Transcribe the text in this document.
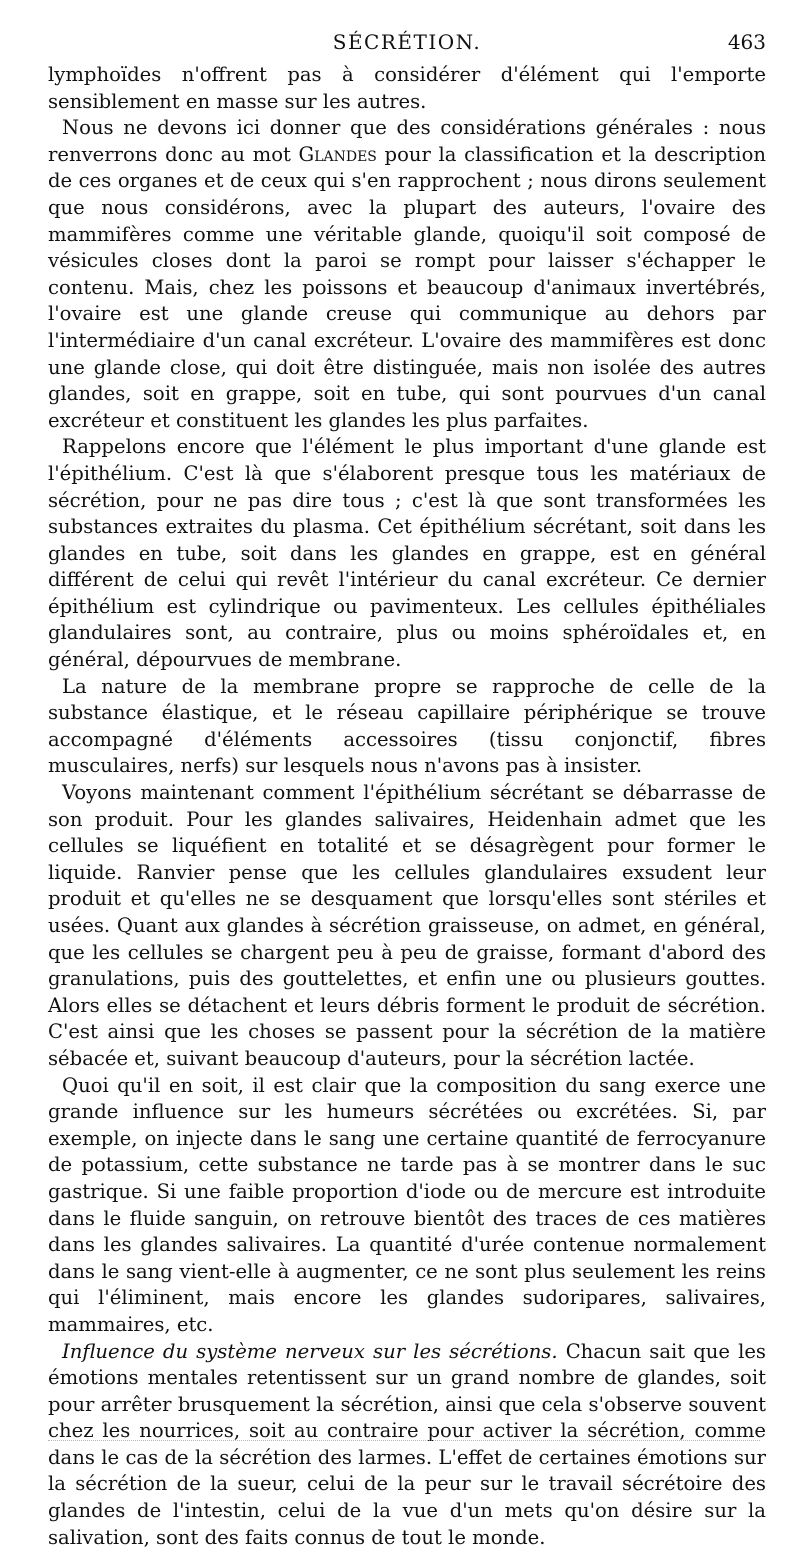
SÉCRÉTION.	463

lymphoïdes n'offrent pas à considérer d'élément qui l'emporte sensiblement en masse sur les autres.

Nous ne devons ici donner que des considérations générales : nous renverrons donc au mot Glandes pour la classification et la description de ces organes et de ceux qui s'en rapprochent ; nous dirons seulement que nous considérons, avec la plupart des auteurs, l'ovaire des mammifères comme une véritable glande, quoiqu'il soit composé de vésicules closes dont la paroi se rompt pour laisser s'échapper le contenu. Mais, chez les poissons et beaucoup d'animaux invertébrés, l'ovaire est une glande creuse qui communique au dehors par l'intermédiaire d'un canal excréteur. L'ovaire des mammifères est donc une glande close, qui doit être distinguée, mais non isolée des autres glandes, soit en grappe, soit en tube, qui sont pourvues d'un canal excréteur et constituent les glandes les plus parfaites.

Rappelons encore que l'élément le plus important d'une glande est l'épithélium. C'est là que s'élaborent presque tous les matériaux de sécrétion, pour ne pas dire tous ; c'est là que sont transformées les substances extraites du plasma. Cet épithélium sécrétant, soit dans les glandes en tube, soit dans les glandes en grappe, est en général différent de celui qui revêt l'intérieur du canal excréteur. Ce dernier épithélium est cylindrique ou pavimenteux. Les cellules épithéliales glandulaires sont, au contraire, plus ou moins sphéroïdales et, en général, dépourvues de membrane.

La nature de la membrane propre se rapproche de celle de la substance élastique, et le réseau capillaire périphérique se trouve accompagné d'éléments accessoires (tissu conjonctif, fibres musculaires, nerfs) sur lesquels nous n'avons pas à insister.

Voyons maintenant comment l'épithélium sécrétant se débarrasse de son produit. Pour les glandes salivaires, Heidenhain admet que les cellules se liquéfient en totalité et se désagrègent pour former le liquide. Ranvier pense que les cellules glandulaires exsudent leur produit et qu'elles ne se desquament que lorsqu'elles sont stériles et usées. Quant aux glandes à sécrétion graisseuse, on admet, en général, que les cellules se chargent peu à peu de graisse, formant d'abord des granulations, puis des gouttelettes, et enfin une ou plusieurs gouttes. Alors elles se détachent et leurs débris forment le produit de sécrétion. C'est ainsi que les choses se passent pour la sécrétion de la matière sébacée et, suivant beaucoup d'auteurs, pour la sécrétion lactée.

Quoi qu'il en soit, il est clair que la composition du sang exerce une grande influence sur les humeurs sécrétées ou excrétées. Si, par exemple, on injecte dans le sang une certaine quantité de ferrocyanure de potassium, cette substance ne tarde pas à se montrer dans le suc gastrique. Si une faible proportion d'iode ou de mercure est introduite dans le fluide sanguin, on retrouve bientôt des traces de ces matières dans les glandes salivaires. La quantité d'urée contenue normalement dans le sang vient-elle à augmenter, ce ne sont plus seulement les reins qui l'éliminent, mais encore les glandes sudoripares, salivaires, mammaires, etc.

Influence du système nerveux sur les sécrétions. Chacun sait que les émotions mentales retentissent sur un grand nombre de glandes, soit pour arrêter brusquement la sécrétion, ainsi que cela s'observe souvent chez les nourrices, soit au contraire pour activer la sécrétion, comme dans le cas de la sécrétion des larmes. L'effet de certaines émotions sur la sécrétion de la sueur, celui de la peur sur le travail sécrétoire des glandes de l'intestin, celui de la vue d'un mets qu'on désire sur la salivation, sont des faits connus de tout le monde.
